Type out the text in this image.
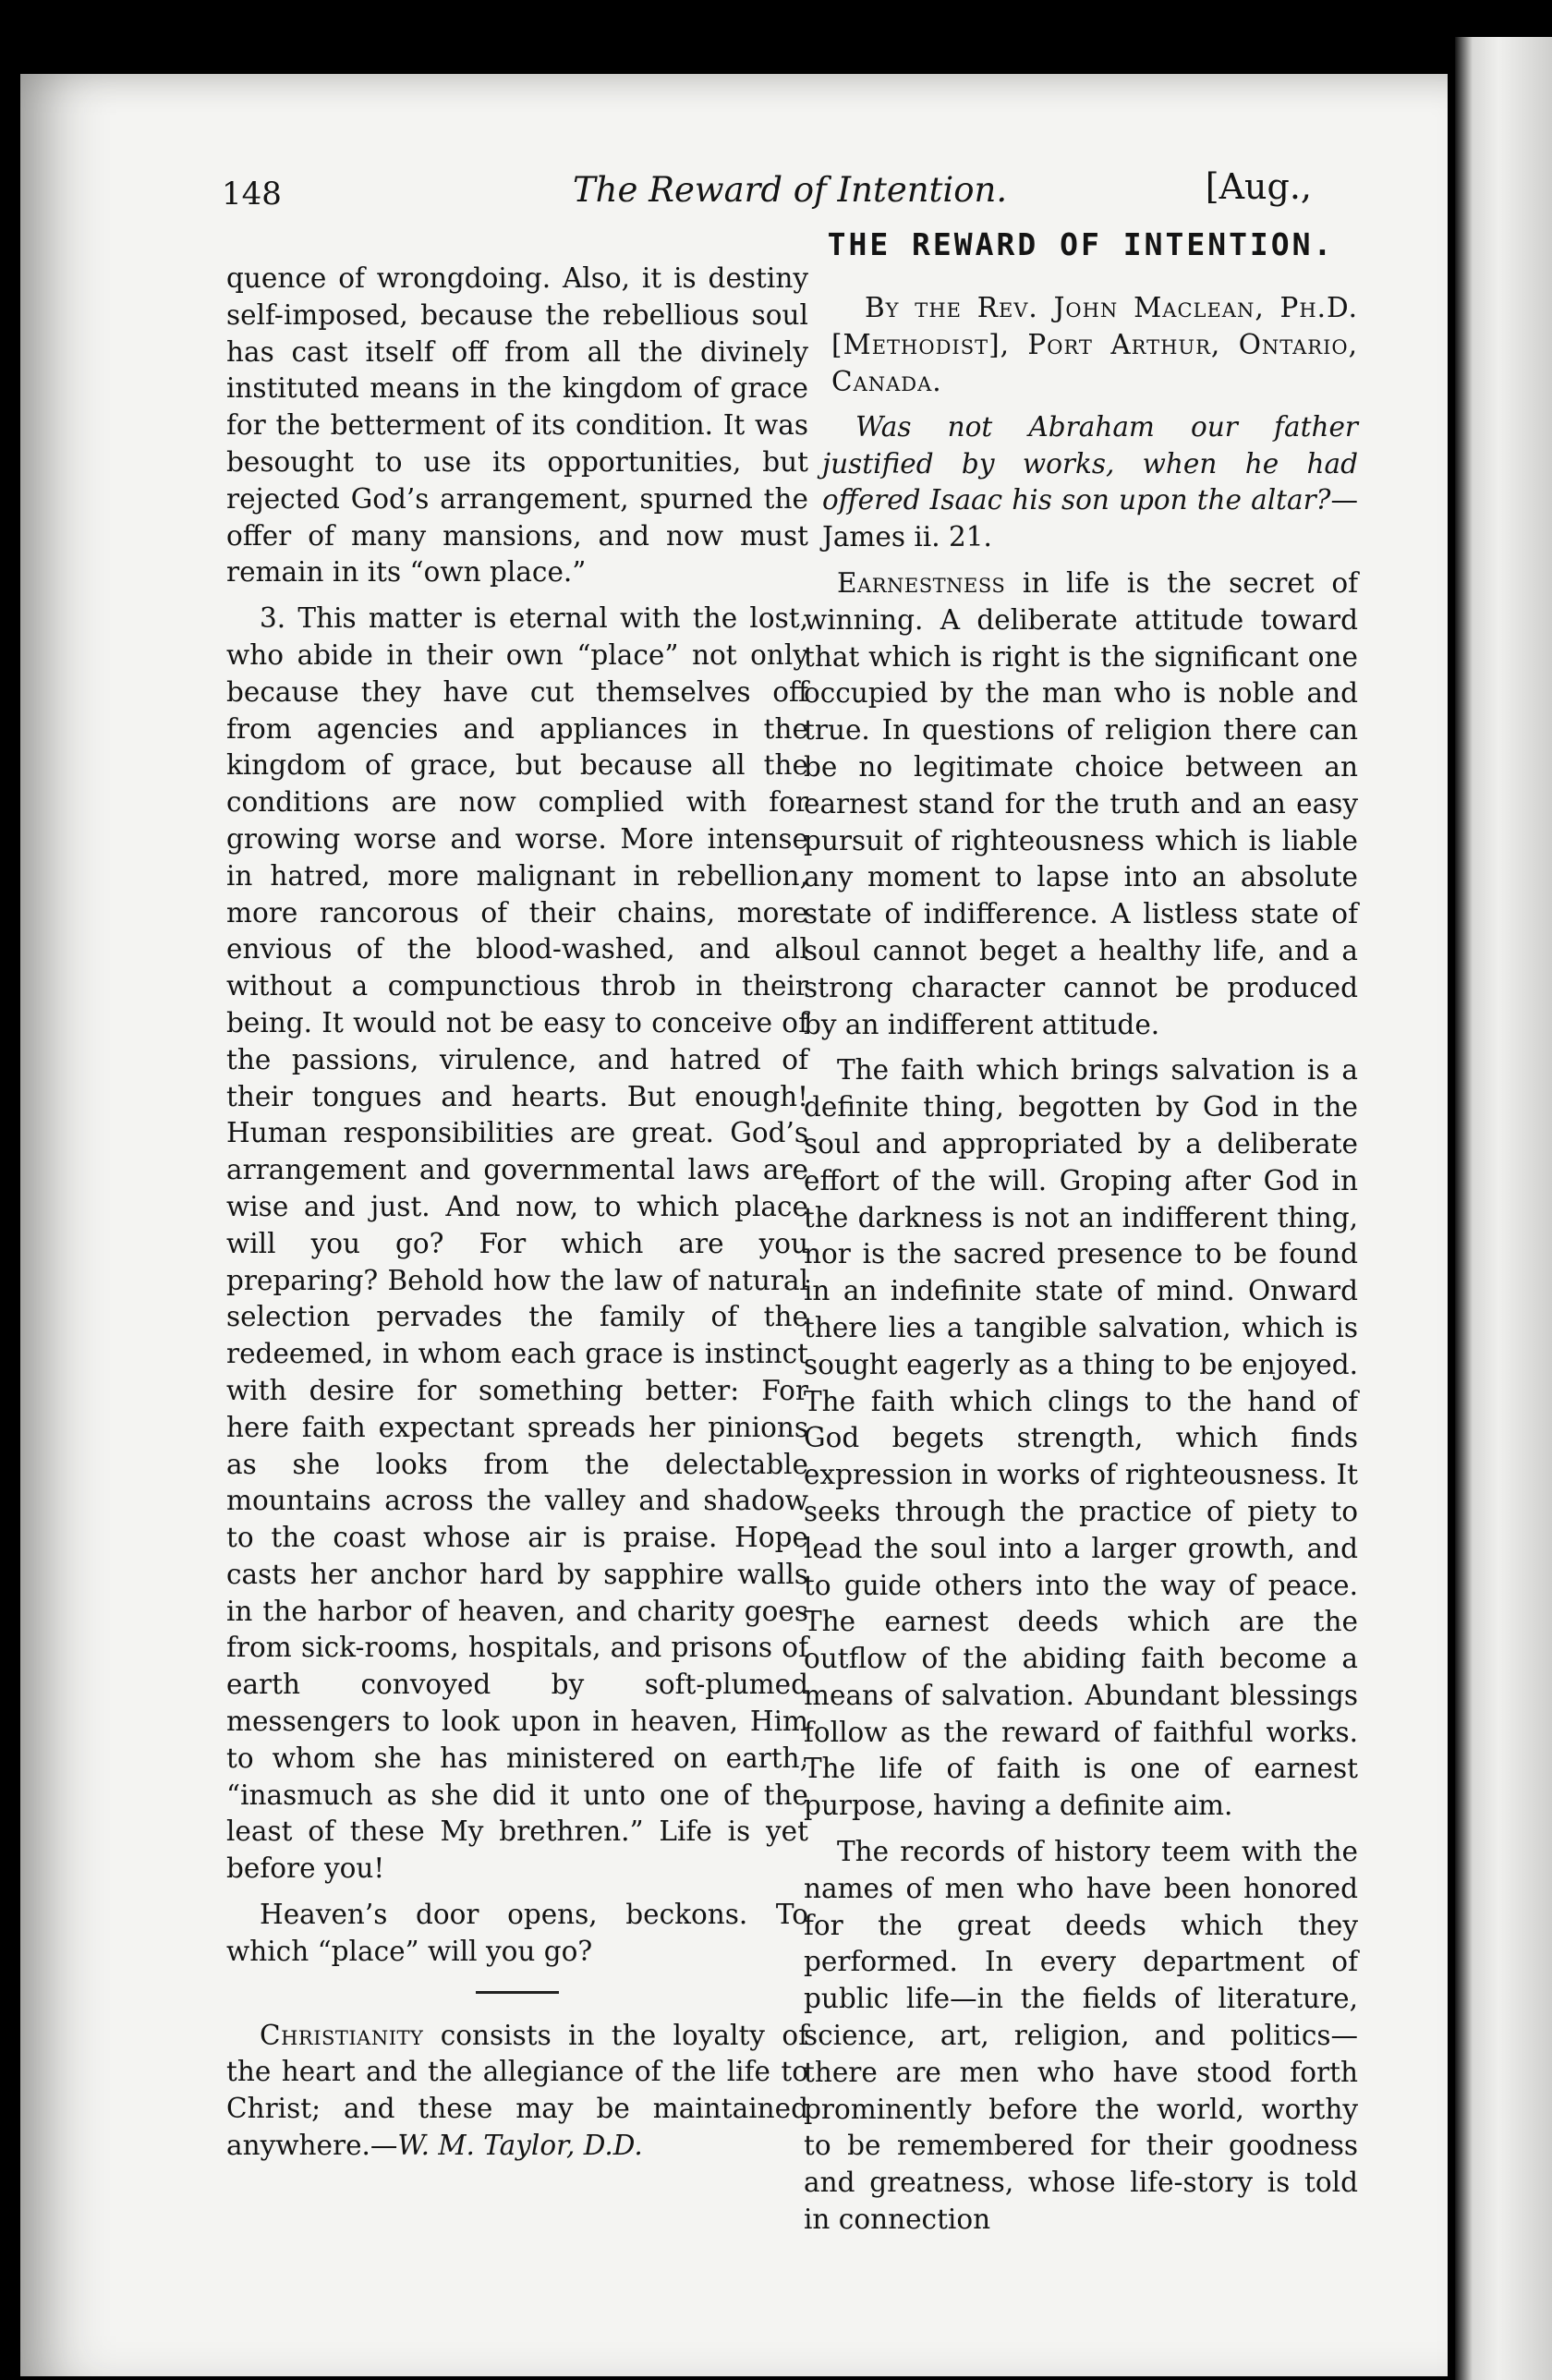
148	The Reward of Intention.	[Aug.,

quence of wrongdoing. Also, it is destiny self-imposed, because the rebellious soul has cast itself off from all the divinely instituted means in the kingdom of grace for the betterment of its condition. It was besought to use its opportunities, but rejected God’s arrangement, spurned the offer of many mansions, and now must remain in its “own place.”

3. This matter is eternal with the lost, who abide in their own “place” not only because they have cut themselves off from agencies and appliances in the kingdom of grace, but because all the conditions are now complied with for growing worse and worse. More intense in hatred, more malignant in rebellion, more rancorous of their chains, more envious of the blood-washed, and all without a compunctious throb in their being. It would not be easy to conceive of the passions, virulence, and hatred of their tongues and hearts. But enough! Human responsibilities are great. God’s arrangement and governmental laws are wise and just. And now, to which place will you go? For which are you preparing? Behold how the law of natural selection pervades the family of the redeemed, in whom each grace is instinct with desire for something better: For here faith expectant spreads her pinions as she looks from the delectable mountains across the valley and shadow to the coast whose air is praise. Hope casts her anchor hard by sapphire walls in the harbor of heaven, and charity goes from sick-rooms, hospitals, and prisons of earth convoyed by soft-plumed messengers to look upon in heaven, Him to whom she has ministered on earth, “inasmuch as she did it unto one of the least of these My brethren.” Life is yet before you!

Heaven’s door opens, beckons. To which “place” will you go?

Christianity consists in the loyalty of the heart and the allegiance of the life to Christ; and these may be maintained anywhere.—W. M. Taylor, D.D.

THE REWARD OF INTENTION.

By the Rev. John Maclean, Ph.D. [Methodist], Port Arthur, Ontario, Canada.

Was not Abraham our father justified by works, when he had offered Isaac his son upon the altar?—James ii. 21.

Earnestness in life is the secret of winning. A deliberate attitude toward that which is right is the significant one occupied by the man who is noble and true. In questions of religion there can be no legitimate choice between an earnest stand for the truth and an easy pursuit of righteousness which is liable any moment to lapse into an absolute state of indifference. A listless state of soul cannot beget a healthy life, and a strong character cannot be produced by an indifferent attitude.

The faith which brings salvation is a definite thing, begotten by God in the soul and appropriated by a deliberate effort of the will. Groping after God in the darkness is not an indifferent thing, nor is the sacred presence to be found in an indefinite state of mind. Onward there lies a tangible salvation, which is sought eagerly as a thing to be enjoyed. The faith which clings to the hand of God begets strength, which finds expression in works of righteousness. It seeks through the practice of piety to lead the soul into a larger growth, and to guide others into the way of peace. The earnest deeds which are the outflow of the abiding faith become a means of salvation. Abundant blessings follow as the reward of faithful works. The life of faith is one of earnest purpose, having a definite aim.

The records of history teem with the names of men who have been honored for the great deeds which they performed. In every department of public life—in the fields of literature, science, art, religion, and politics—there are men who have stood forth prominently before the world, worthy to be remembered for their goodness and greatness, whose life-story is told in connection
